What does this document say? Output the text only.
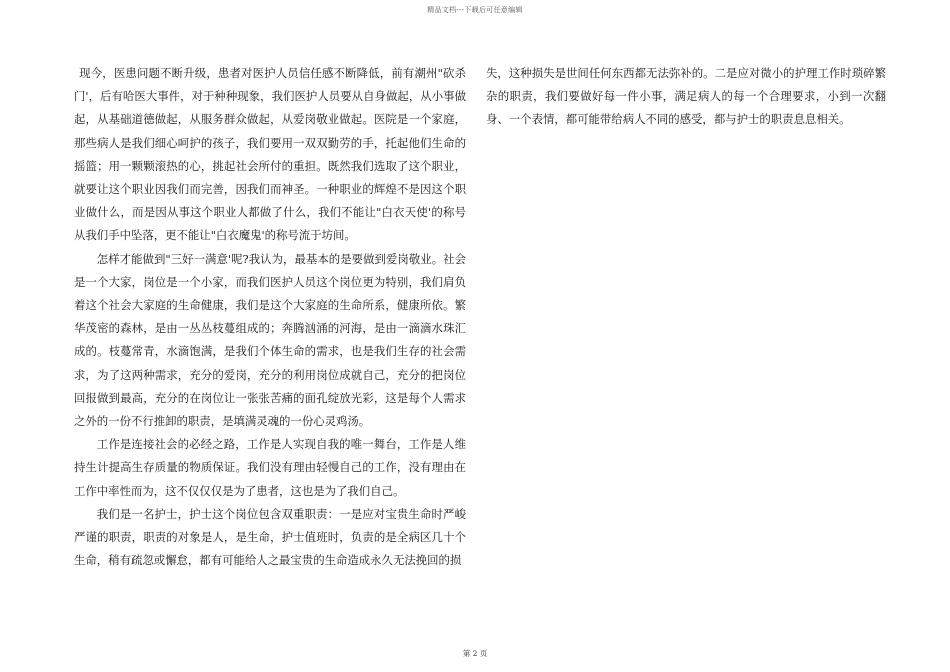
精品文档---下载后可任意编辑

现今，医患问题不断升级，患者对医护人员信任感不断降低，前有潮州"砍杀门'，后有哈医大事件，对于种种现象，我们医护人员要从自身做起，从小事做起，从基础道德做起，从服务群众做起，从爱岗敬业做起。医院是一个家庭，那些病人是我们细心呵护的孩子，我们要用一双双勤劳的手，托起他们生命的摇篮；用一颗颗滚热的心，挑起社会所付的重担。既然我们选取了这个职业，就要让这个职业因我们而完善，因我们而神圣。一种职业的辉煌不是因这个职业做什么，而是因从事这个职业人都做了什么，我们不能让"白衣天使'的称号从我们手中坠落，更不能让"白衣魔鬼'的称号流于坊间。

怎样才能做到"三好一满意'呢?我认为，最基本的是要做到爱岗敬业。社会是一个大家，岗位是一个小家，而我们医护人员这个岗位更为特别，我们肩负着这个社会大家庭的生命健康，我们是这个大家庭的生命所系，健康所依。繁华茂密的森林，是由一丛丛枝蔓组成的；奔腾汹涌的河海，是由一滴滴水珠汇成的。枝蔓常青，水滴饱满，是我们个体生命的需求，也是我们生存的社会需求，为了这两种需求，充分的爱岗，充分的利用岗位成就自己，充分的把岗位回报做到最高，充分的在岗位让一张张苦痛的面孔绽放光彩，这是每个人需求之外的一份不行推卸的职责，是填满灵魂的一份心灵鸡汤。

工作是连接社会的必经之路，工作是人实现自我的唯一舞台，工作是人维持生计提高生存质量的物质保证。我们没有理由轻慢自己的工作，没有理由在工作中率性而为，这不仅仅仅是为了患者，这也是为了我们自己。

我们是一名护士，护士这个岗位包含双重职责：一是应对宝贵生命时严峻严谨的职责，职责的对象是人，是生命，护士值班时，负责的是全病区几十个生命，稍有疏忽或懈怠，都有可能给人之最宝贵的生命造成永久无法挽回的损

失，这种损失是世间任何东西都无法弥补的。二是应对微小的护理工作时琐碎繁杂的职责，我们要做好每一件小事，满足病人的每一个合理要求，小到一次翻身、一个表情，都可能带给病人不同的感受，都与护士的职责息息相关。

第 2 页
